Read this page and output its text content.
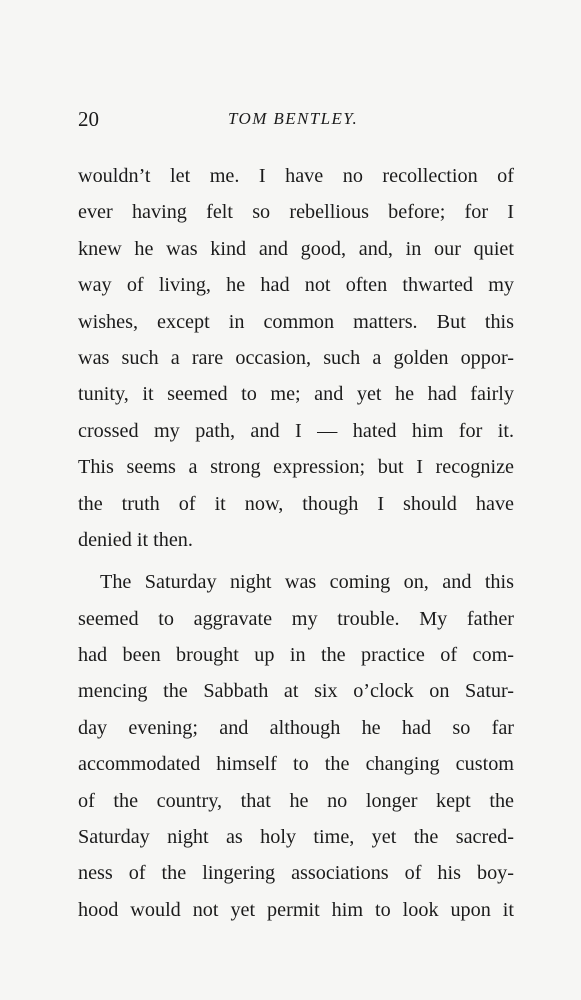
20	TOM BENTLEY.
wouldn’t let me. I have no recollection of
ever having felt so rebellious before; for I
knew he was kind and good, and, in our quiet
way of living, he had not often thwarted my
wishes, except in common matters. But this
was such a rare occasion, such a golden oppor-
tunity, it seemed to me; and yet he had fairly
crossed my path, and I — hated him for it.
This seems a strong expression; but I recognize
the truth of it now, though I should have
denied it then.
The Saturday night was coming on, and this
seemed to aggravate my trouble. My father
had been brought up in the practice of com-
mencing the Sabbath at six o’clock on Satur-
day evening; and although he had so far
accommodated himself to the changing custom
of the country, that he no longer kept the
Saturday night as holy time, yet the sacred-
ness of the lingering associations of his boy-
hood would not yet permit him to look upon it
